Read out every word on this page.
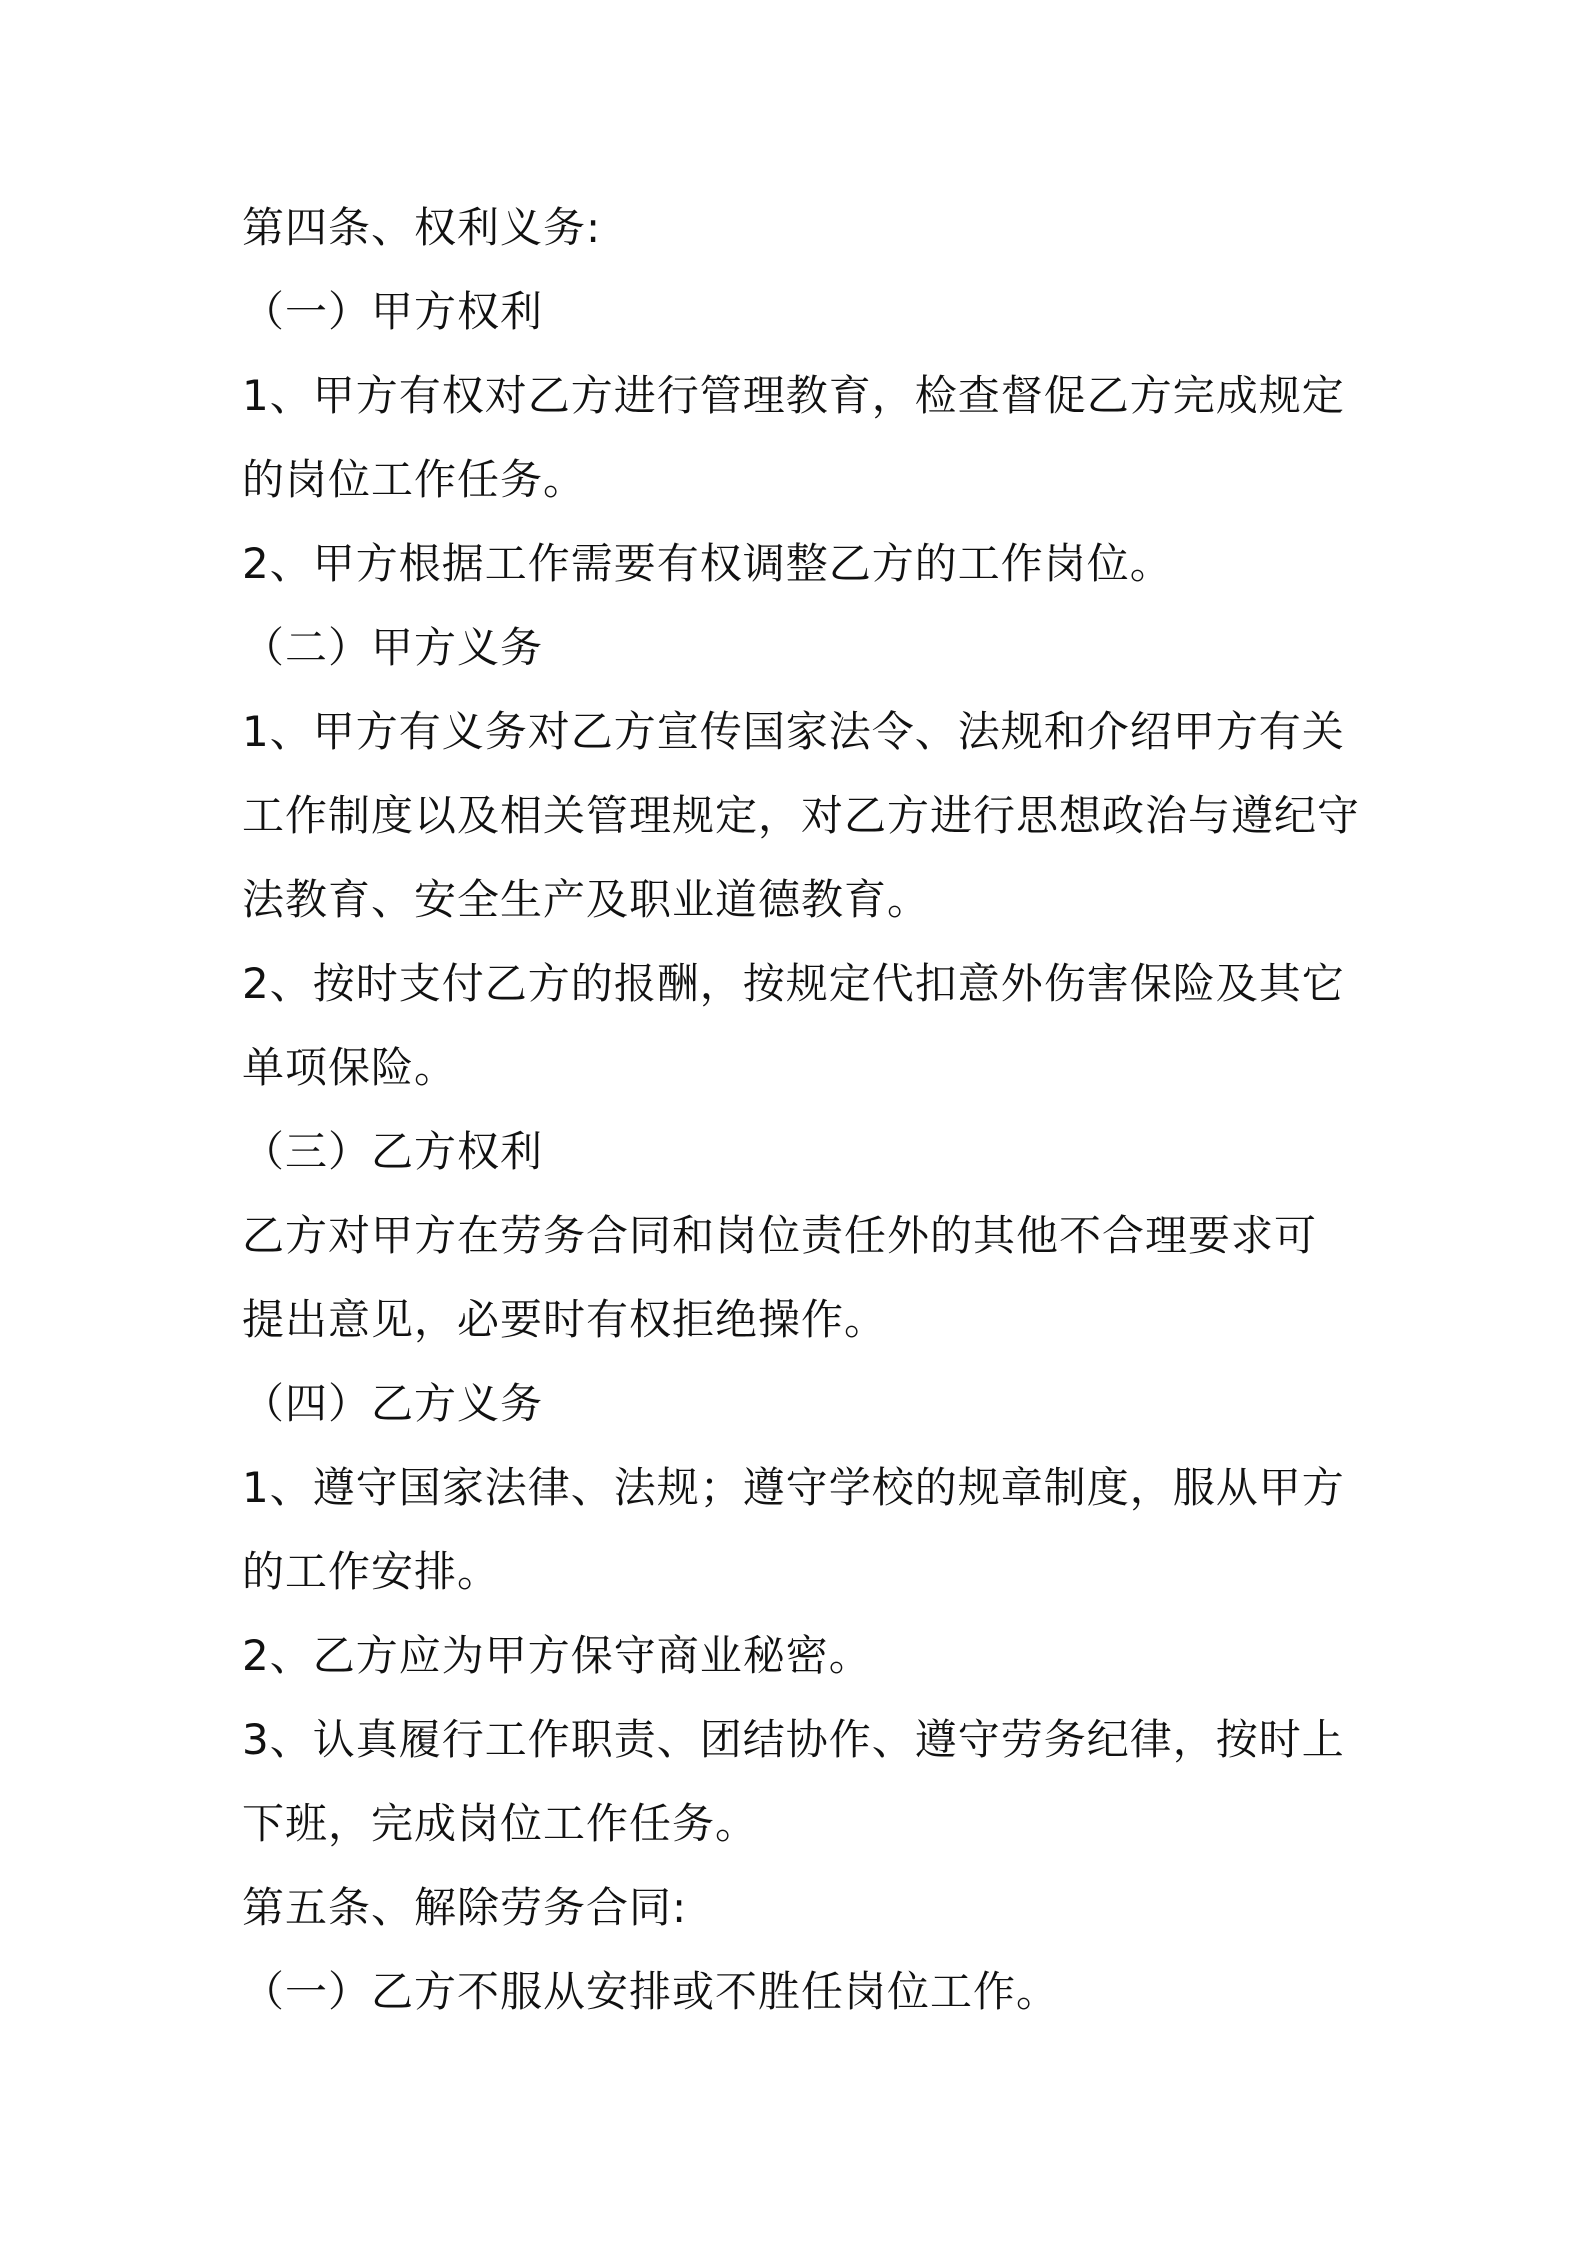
第四条、权利义务:
（一）甲方权利
1、甲方有权对乙方进行管理教育，检查督促乙方完成规定
的岗位工作任务。
2、甲方根据工作需要有权调整乙方的工作岗位。
（二）甲方义务
1、甲方有义务对乙方宣传国家法令、法规和介绍甲方有关
工作制度以及相关管理规定，对乙方进行思想政治与遵纪守
法教育、安全生产及职业道德教育。
2、按时支付乙方的报酬，按规定代扣意外伤害保险及其它
单项保险。
（三）乙方权利
乙方对甲方在劳务合同和岗位责任外的其他不合理要求可
提出意见，必要时有权拒绝操作。
（四）乙方义务
1、遵守国家法律、法规；遵守学校的规章制度，服从甲方
的工作安排。
2、乙方应为甲方保守商业秘密。
3、认真履行工作职责、团结协作、遵守劳务纪律，按时上
下班，完成岗位工作任务。
第五条、解除劳务合同:
（一）乙方不服从安排或不胜任岗位工作。
